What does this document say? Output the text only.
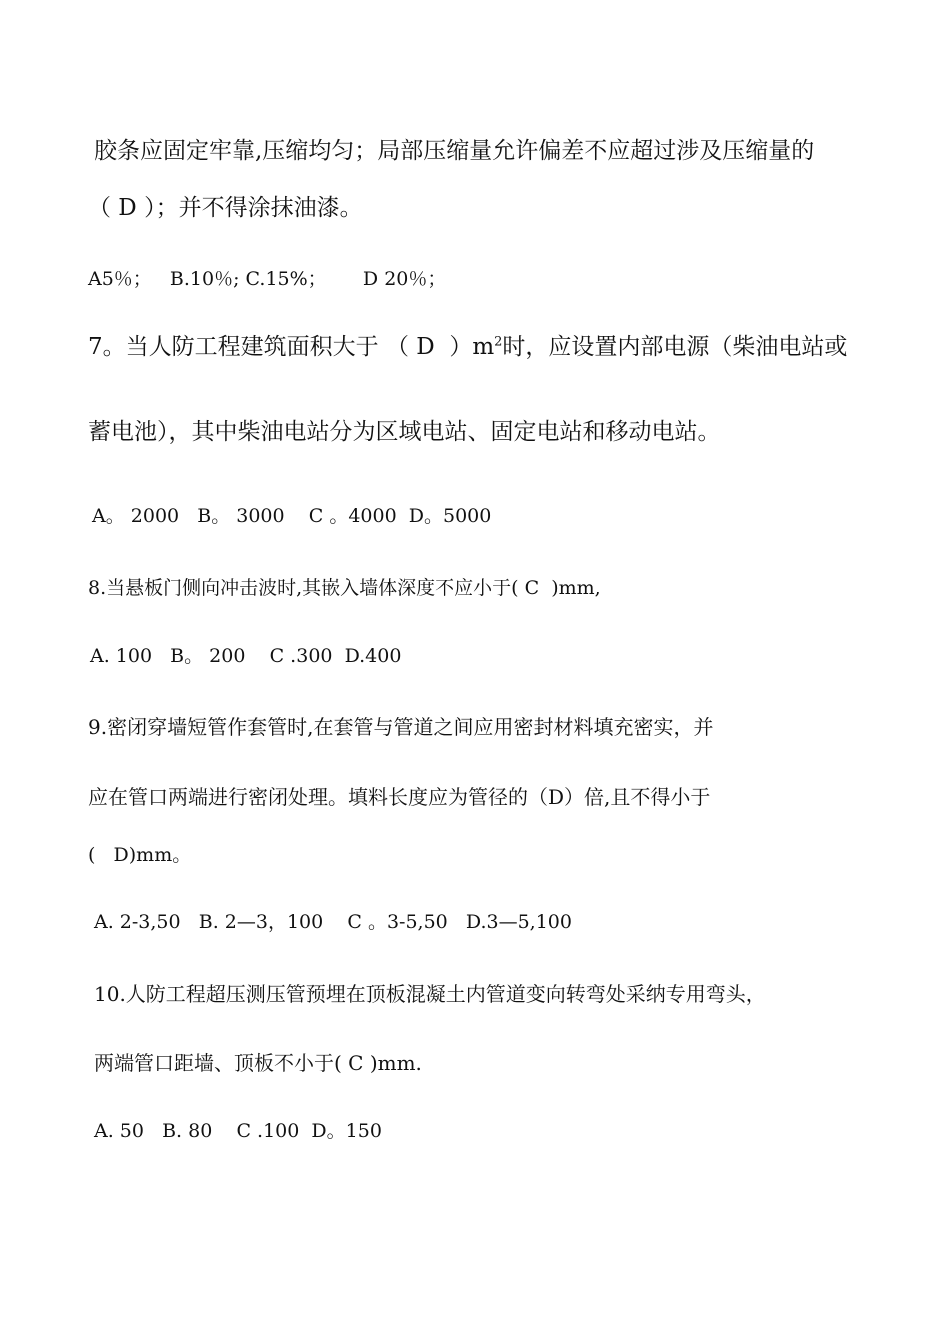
胶条应固定牢靠,压缩均匀；局部压缩量允许偏差不应超过涉及压缩量的
（ D ）；并不得涂抹油漆。
A5％；   B.10％; C.15%；      D 20％；
7。当人防工程建筑面积大于 （ D  ）$m^2$时，应设置内部电源（柴油电站或
蓄电池），其中柴油电站分为区域电站、固定电站和移动电站。
A。 2000   B。 3000    C 。4000  D。5000
8.当悬板门侧向冲击波时,其嵌入墙体深度不应小于( C  )mm,
A. 100   B。 200    C .300  D.400
9.密闭穿墙短管作套管时,在套管与管道之间应用密封材料填充密实，并
应在管口两端进行密闭处理。填料长度应为管径的（D）倍,且不得小于
(   D)mm。
A. 2-3,50   B. 2—3，100    C 。3-5,50   D.3—5,100
10.人防工程超压测压管预埋在顶板混凝土内管道变向转弯处采纳专用弯头，
两端管口距墙、顶板不小于( C )mm.
A. 50   B. 80    C .100  D。150
